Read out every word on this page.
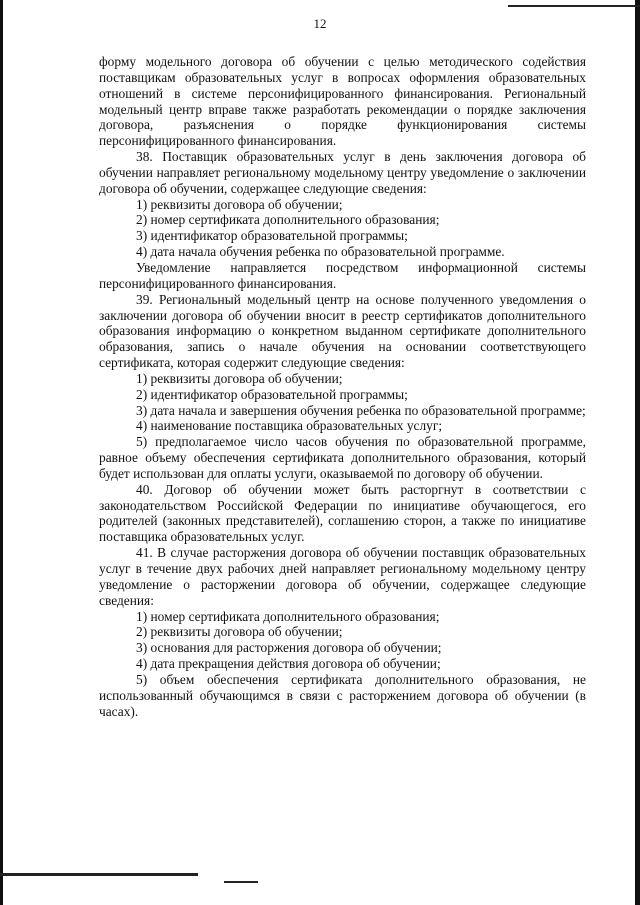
12

форму модельного договора об обучении с целью методического содействия поставщикам образовательных услуг в вопросах оформления образовательных отношений в системе персонифицированного финансирования. Региональный модельный центр вправе также разработать рекомендации о порядке заключения договора, разъяснения о порядке функционирования системы персонифицированного финансирования.

38. Поставщик образовательных услуг в день заключения договора об обучении направляет региональному модельному центру уведомление о заключении договора об обучении, содержащее следующие сведения:

1) реквизиты договора об обучении;

2) номер сертификата дополнительного образования;

3) идентификатор образовательной программы;

4) дата начала обучения ребенка по образовательной программе.

Уведомление направляется посредством информационной системы персонифицированного финансирования.

39. Региональный модельный центр на основе полученного уведомления о заключении договора об обучении вносит в реестр сертификатов дополнительного образования информацию о конкретном выданном сертификате дополнительного образования, запись о начале обучения на основании соответствующего сертификата, которая содержит следующие сведения:

1) реквизиты договора об обучении;

2) идентификатор образовательной программы;

3) дата начала и завершения обучения ребенка по образовательной программе;

4) наименование поставщика образовательных услуг;

5) предполагаемое число часов обучения по образовательной программе, равное объему обеспечения сертификата дополнительного образования, который будет использован для оплаты услуги, оказываемой по договору об обучении.

40. Договор об обучении может быть расторгнут в соответствии с законодательством Российской Федерации по инициативе обучающегося, его родителей (законных представителей), соглашению сторон, а также по инициативе поставщика образовательных услуг.

41. В случае расторжения договора об обучении поставщик образовательных услуг в течение двух рабочих дней направляет региональному модельному центру уведомление о расторжении договора об обучении, содержащее следующие сведения:

1) номер сертификата дополнительного образования;

2) реквизиты договора об обучении;

3) основания для расторжения договора об обучении;

4) дата прекращения действия договора об обучении;

5) объем обеспечения сертификата дополнительного образования, не использованный обучающимся в связи с расторжением договора об обучении (в часах).
